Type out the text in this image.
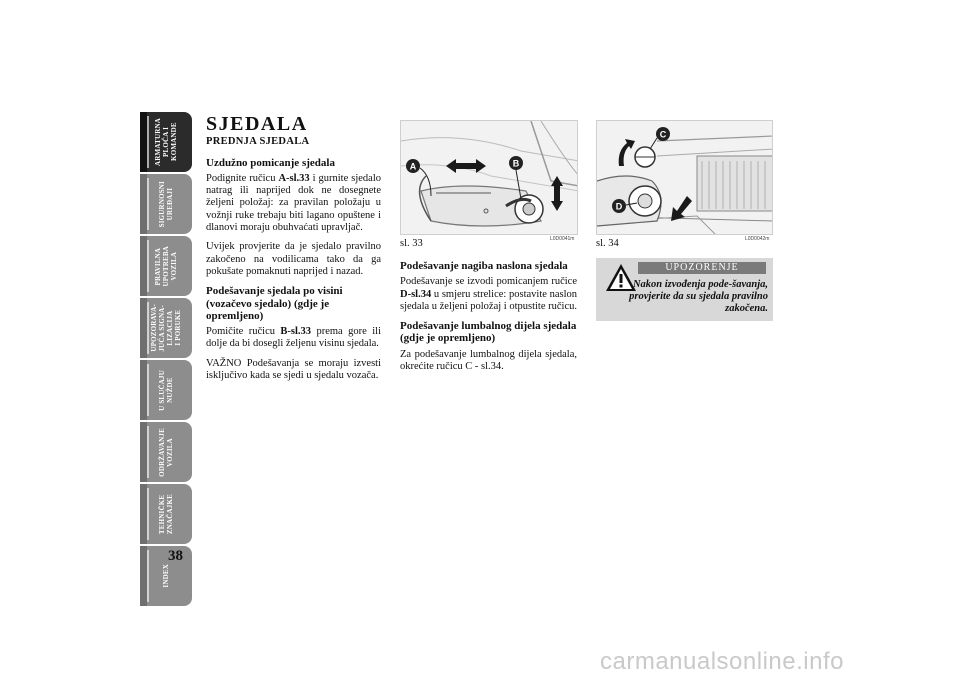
ARMATURNA
PLOČA I
KOMANDE
SIGURNOSNI
UREĐAJI
PRAVILNA
UPOTREBA
VOZILA
UPOZORAVA-
JUĆA SIGNA-
LIZACIJA
I PORUKE
U SLUČAJU
NUŽDE
ODRŽAVANJE
VOZILA
TEHNIČKE
ZNAČAJKE
INDEX
38
SJEDALA
PREDNJA SJEDALA
Uzdužno pomicanje sjedala

Podignite ručicu A-sl.33 i gurnite sjedalo natrag ili naprijed dok ne dosegnete željeni položaj: za pravilan položaju u vožnji ruke trebaju biti lagano opuštene i dlanovi moraju obuhvaćati upravljač.

Uvijek provjerite da je sjedalo pravilno zakočeno na vodilicama tako da ga pokušate pomaknuti naprijed i nazad.

Podešavanje sjedala po visini (vozačevo sjedalo) (gdje je opremljeno)

Pomičite ručicu B-sl.33 prema gore ili dolje da bi dosegli željenu visinu sjedala.

VAŽNO Podešavanja se moraju izvesti isključivo kada se sjedi u sjedalu vozača.

A	B
sl. 33	L0D0041m
C
D
sl. 34	L0D0042m
Podešavanje nagiba naslona sjedala

Podešavanje se izvodi pomicanjem ručice D-sl.34 u smjeru strelice: postavite naslon sjedala u željeni položaj i otpustite ručicu.

Podešavanje lumbalnog dijela sjedala (gdje je opremljeno)

Za podešavanje lumbalnog dijela sjedala, okrećite ručicu C - sl.34.

UPOZORENJE
Nakon izvođenja pode-šavanja, provjerite da su sjedala pravilno zakočena.
carmanualsonline.info
